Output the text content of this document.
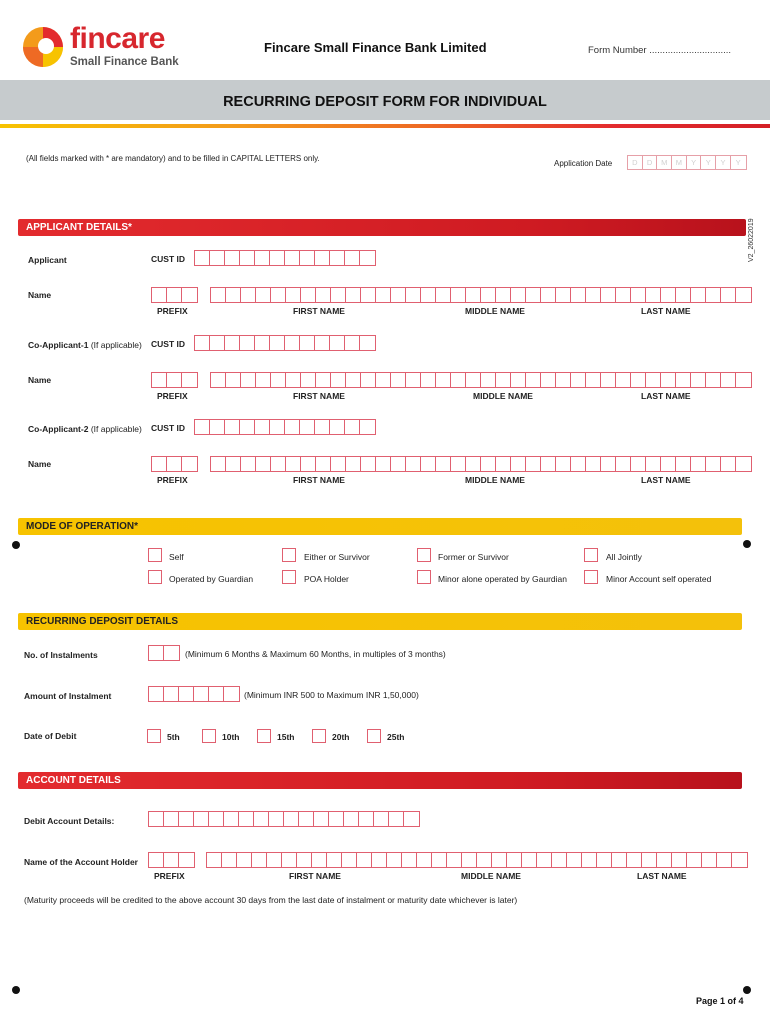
fincare
Small Finance Bank
Fincare Small Finance Bank Limited	Form Number ...............................
RECURRING DEPOSIT FORM FOR INDIVIDUAL
(All fields marked with * are mandatory) and to be filled in CAPITAL LETTERS only.
Application Date	D	D	M	M	Y	Y	Y	Y
V2_26022019
APPLICANT DETAILS*
Applicant	CUST ID
Name
PREFIX	FIRST NAME	MIDDLE NAME	LAST NAME
Co-Applicant-1 (If applicable) CUST ID
Name
PREFIX	FIRST NAME	MIDDLE NAME	LAST NAME
Co-Applicant-2 (If applicable) CUST ID
Name
PREFIX	FIRST NAME	MIDDLE NAME	LAST NAME
MODE OF OPERATION*
Self	Either or Survivor	Former or Survivor	All Jointly
Operated by Guardian	POA Holder	Minor alone operated by Gaurdian	Minor Account self operated
RECURRING DEPOSIT DETAILS
No. of Instalments	(Minimum 6 Months & Maximum 60 Months, in multiples of 3 months)
Amount of Instalment	(Minimum INR 500 to Maximum INR 1,50,000)
Date of Debit	5th	10th	15th	20th	25th
ACCOUNT DETAILS
Debit Account Details:
Name of the Account Holder
PREFIX	FIRST NAME	MIDDLE NAME	LAST NAME
(Maturity proceeds will be credited to the above account 30 days from the last date of instalment or maturity date whichever is later)
Page 1 of 4
